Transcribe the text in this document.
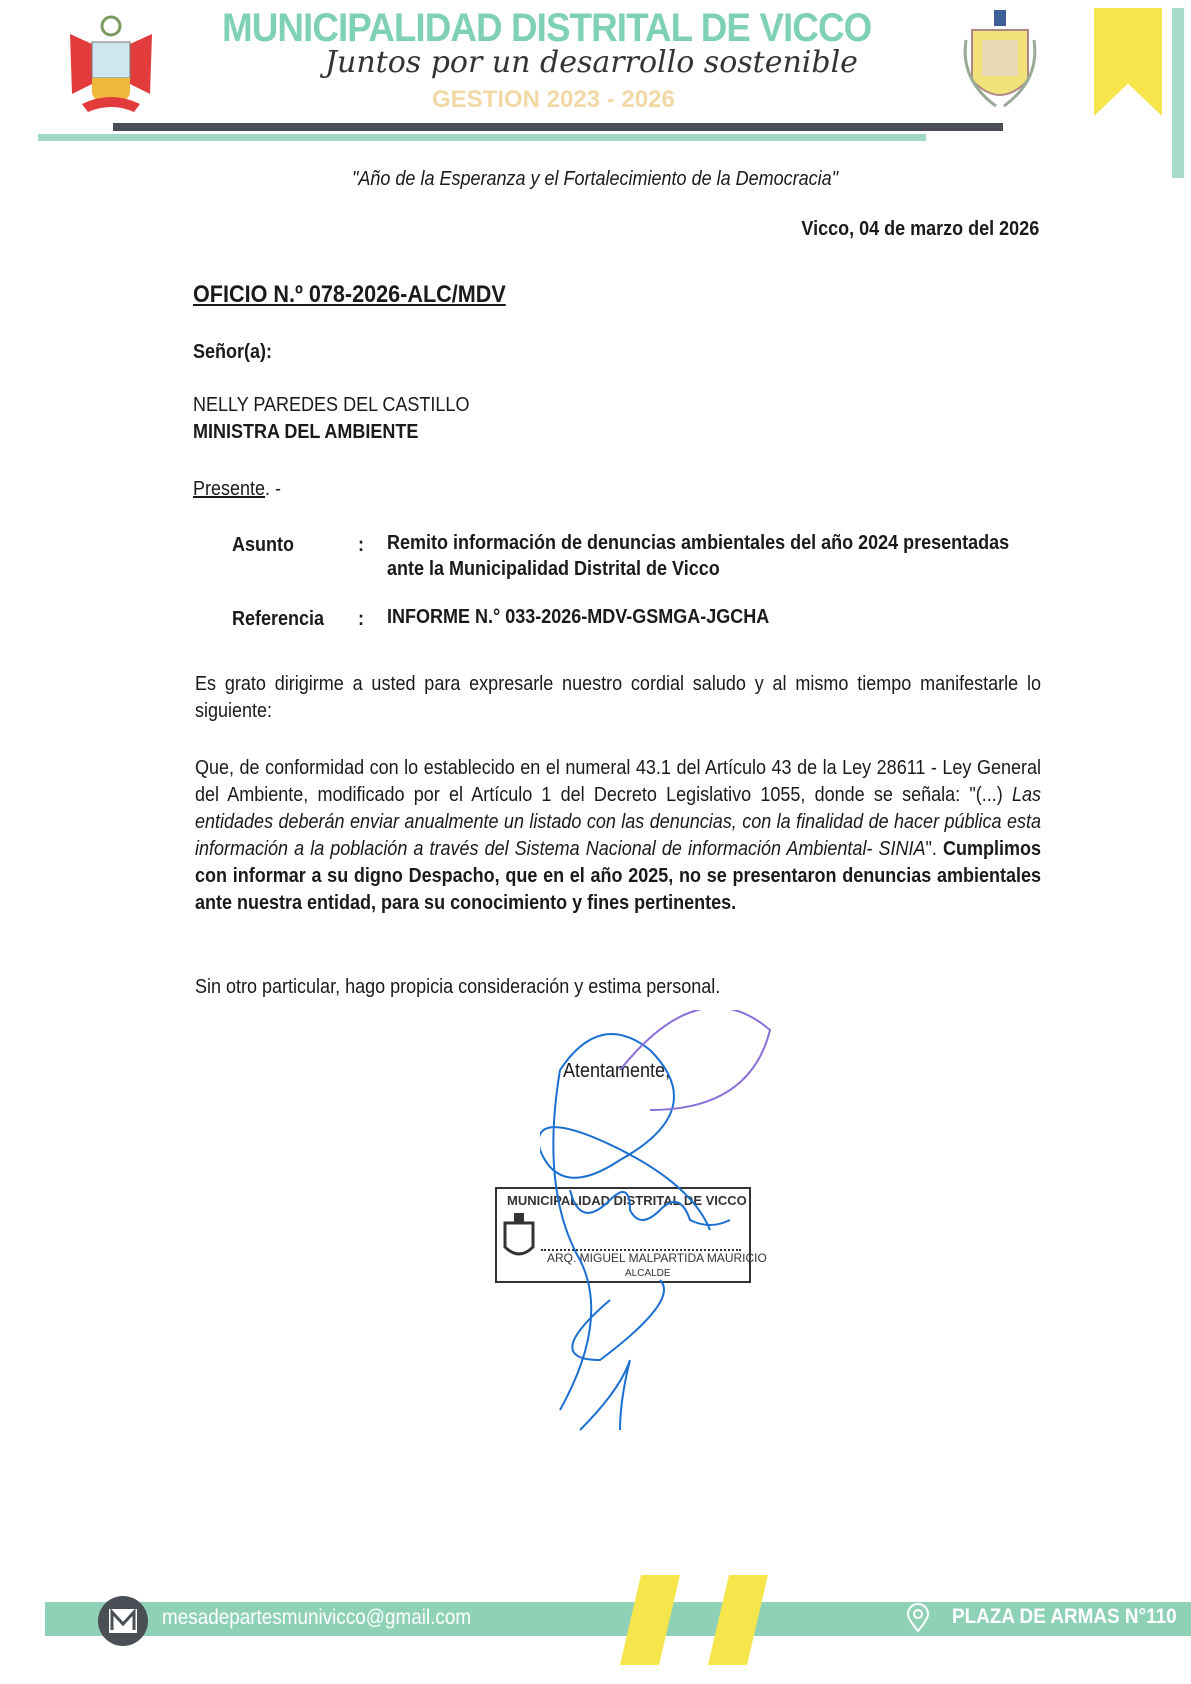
MUNICIPALIDAD DISTRITAL DE VICCO
Juntos por un desarrollo sostenible
GESTION 2023 - 2026
"Año de la Esperanza y el Fortalecimiento de la Democracia"
Vicco, 04 de marzo del 2026
OFICIO N.º 078-2026-ALC/MDV
Señor(a):
NELLY PAREDES DEL CASTILLO
MINISTRA DEL AMBIENTE
Presente. -
Asunto	: Remito información de denuncias ambientales del año 2024 presentadas
ante la Municipalidad Distrital de Vicco
Referencia : INFORME N.° 033-2026-MDV-GSMGA-JGCHA
Es grato dirigirme a usted para expresarle nuestro cordial saludo y al mismo tiempo manifestarle lo siguiente:
Que, de conformidad con lo establecido en el numeral 43.1 del Artículo 43 de la Ley 28611 - Ley General del Ambiente, modificado por el Artículo 1 del Decreto Legislativo 1055, donde se señala: "(...) Las entidades deberán enviar anualmente un listado con las denuncias, con la finalidad de hacer pública esta información a la población a través del Sistema Nacional de información Ambiental- SINIA". Cumplimos con informar a su digno Despacho, que en el año 2025, no se presentaron denuncias ambientales ante nuestra entidad, para su conocimiento y fines pertinentes.
Sin otro particular, hago propicia consideración y estima personal.
Atentamente,
MUNICIPALIDAD DISTRITAL DE VICCO
ARQ. MIGUEL MALPARTIDA MAURICIO
ALCALDE
mesadepartesmunivicco@gmail.com	PLAZA DE ARMAS N°110
